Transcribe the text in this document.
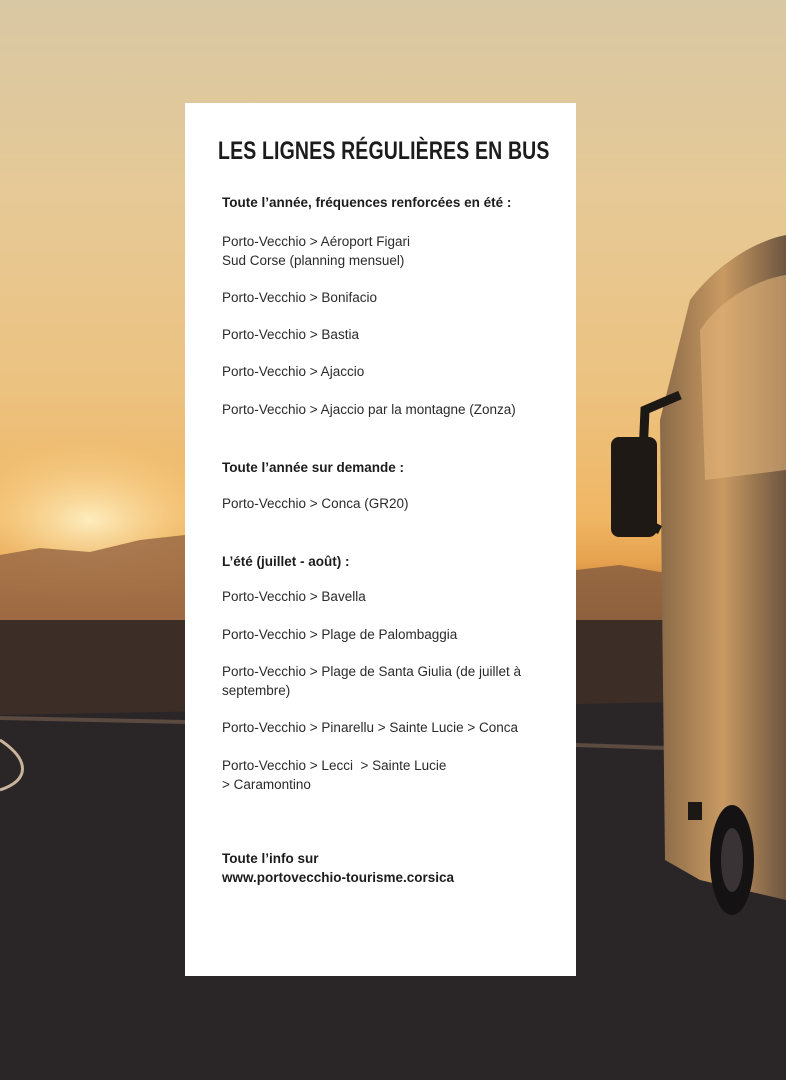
LES LIGNES RÉGULIÈRES EN BUS

Toute l’année, fréquences renforcées en été :

Porto-Vecchio > Aéroport Figari

Sud Corse (planning mensuel)

Porto-Vecchio > Bonifacio

Porto-Vecchio > Bastia

Porto-Vecchio > Ajaccio

Porto-Vecchio > Ajaccio par la montagne (Zonza)

Toute l’année sur demande :

Porto-Vecchio > Conca (GR20)

L’été (juillet - août) :

Porto-Vecchio > Bavella

Porto-Vecchio > Plage de Palombaggia

Porto-Vecchio > Plage de Santa Giulia (de juillet à

septembre)

Porto-Vecchio > Pinarellu > Sainte Lucie > Conca

Porto-Vecchio > Lecci  > Sainte Lucie

> Caramontino

Toute l’info sur
www.portovecchio-tourisme.corsica
